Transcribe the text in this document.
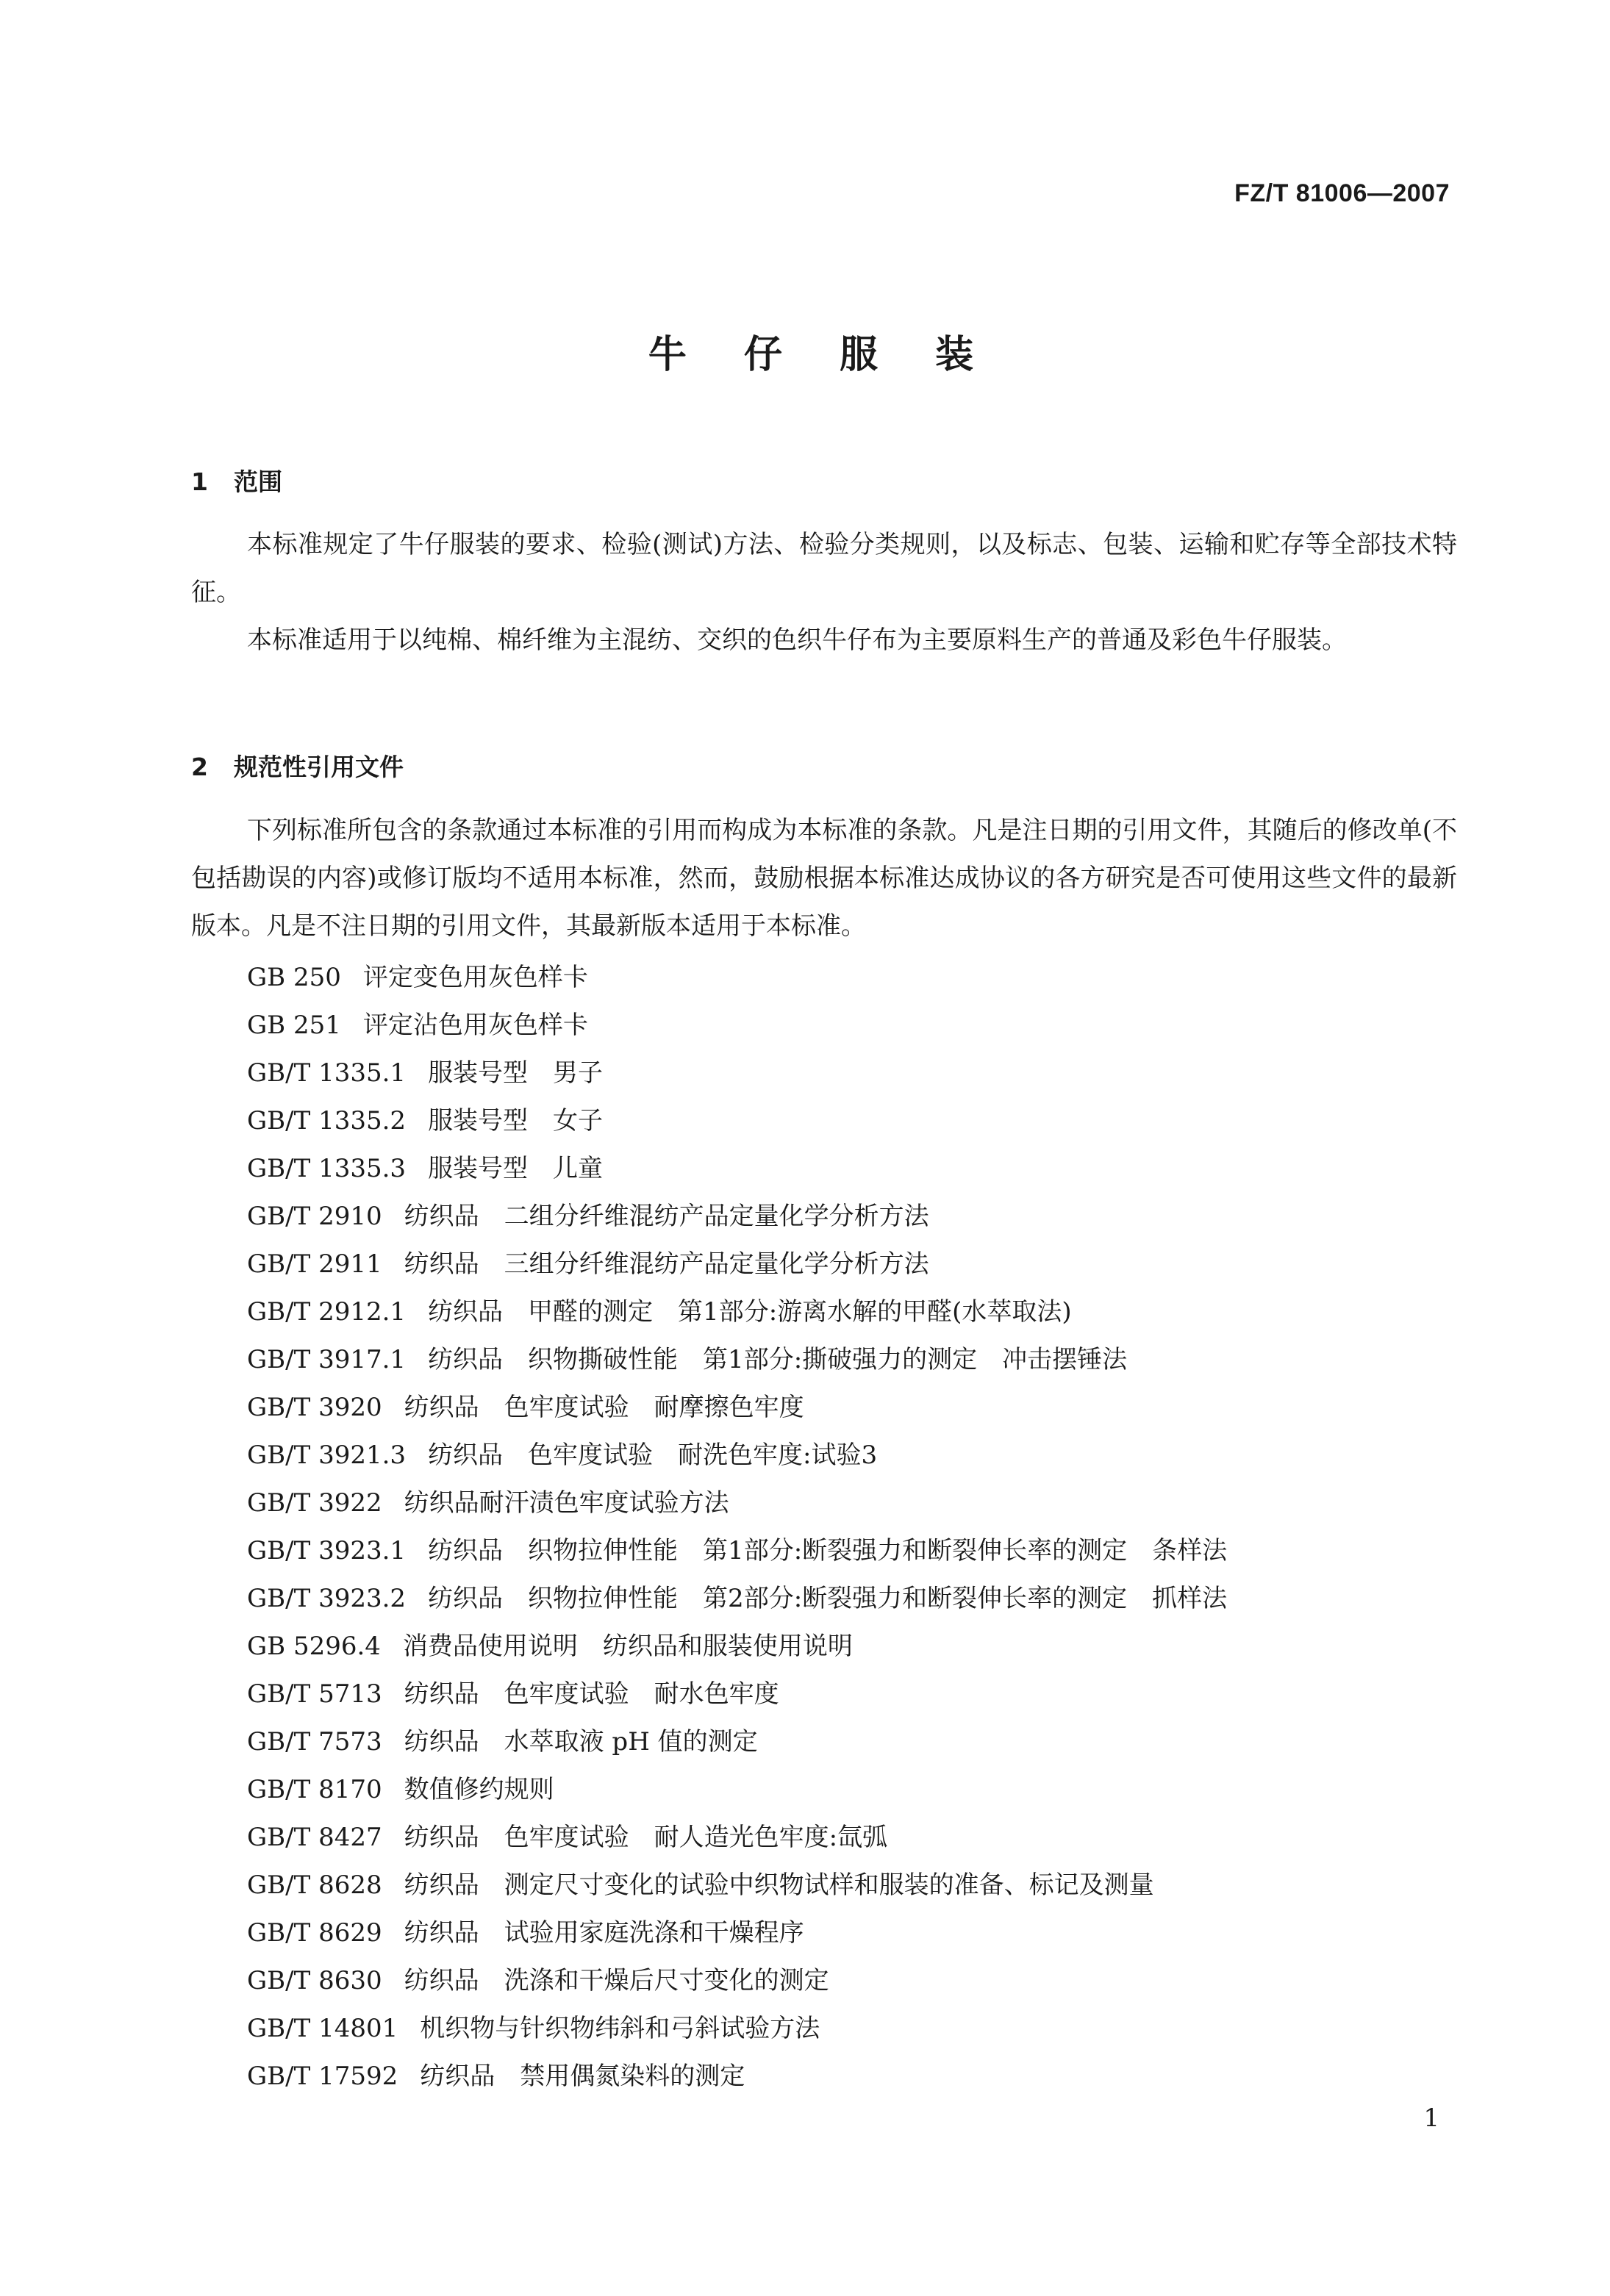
FZ/T 81006—2007
牛 仔 服 装
1 范围

本标准规定了牛仔服装的要求、检验(测试)方法、检验分类规则，以及标志、包装、运输和贮存等全部技术特征。

本标准适用于以纯棉、棉纤维为主混纺、交织的色织牛仔布为主要原料生产的普通及彩色牛仔服装。

2 规范性引用文件

下列标准所包含的条款通过本标准的引用而构成为本标准的条款。凡是注日期的引用文件，其随后的修改单(不包括勘误的内容)或修订版均不适用本标准，然而，鼓励根据本标准达成协议的各方研究是否可使用这些文件的最新版本。凡是不注日期的引用文件，其最新版本适用于本标准。

GB 250 评定变色用灰色样卡
GB 251 评定沾色用灰色样卡
GB/T 1335.1 服装号型　男子
GB/T 1335.2 服装号型　女子
GB/T 1335.3 服装号型　儿童
GB/T 2910 纺织品　二组分纤维混纺产品定量化学分析方法
GB/T 2911 纺织品　三组分纤维混纺产品定量化学分析方法
GB/T 2912.1 纺织品　甲醛的测定　第1部分:游离水解的甲醛(水萃取法)
GB/T 3917.1 纺织品　织物撕破性能　第1部分:撕破强力的测定　冲击摆锤法
GB/T 3920 纺织品　色牢度试验　耐摩擦色牢度
GB/T 3921.3 纺织品　色牢度试验　耐洗色牢度:试验3
GB/T 3922 纺织品耐汗渍色牢度试验方法
GB/T 3923.1 纺织品　织物拉伸性能　第1部分:断裂强力和断裂伸长率的测定　条样法
GB/T 3923.2 纺织品　织物拉伸性能　第2部分:断裂强力和断裂伸长率的测定　抓样法
GB 5296.4 消费品使用说明　纺织品和服装使用说明
GB/T 5713 纺织品　色牢度试验　耐水色牢度
GB/T 7573 纺织品　水萃取液 pH 值的测定
GB/T 8170 数值修约规则
GB/T 8427 纺织品　色牢度试验　耐人造光色牢度:氙弧
GB/T 8628 纺织品　测定尺寸变化的试验中织物试样和服装的准备、标记及测量
GB/T 8629 纺织品　试验用家庭洗涤和干燥程序
GB/T 8630 纺织品　洗涤和干燥后尺寸变化的测定
GB/T 14801 机织物与针织物纬斜和弓斜试验方法
GB/T 17592 纺织品　禁用偶氮染料的测定
1
